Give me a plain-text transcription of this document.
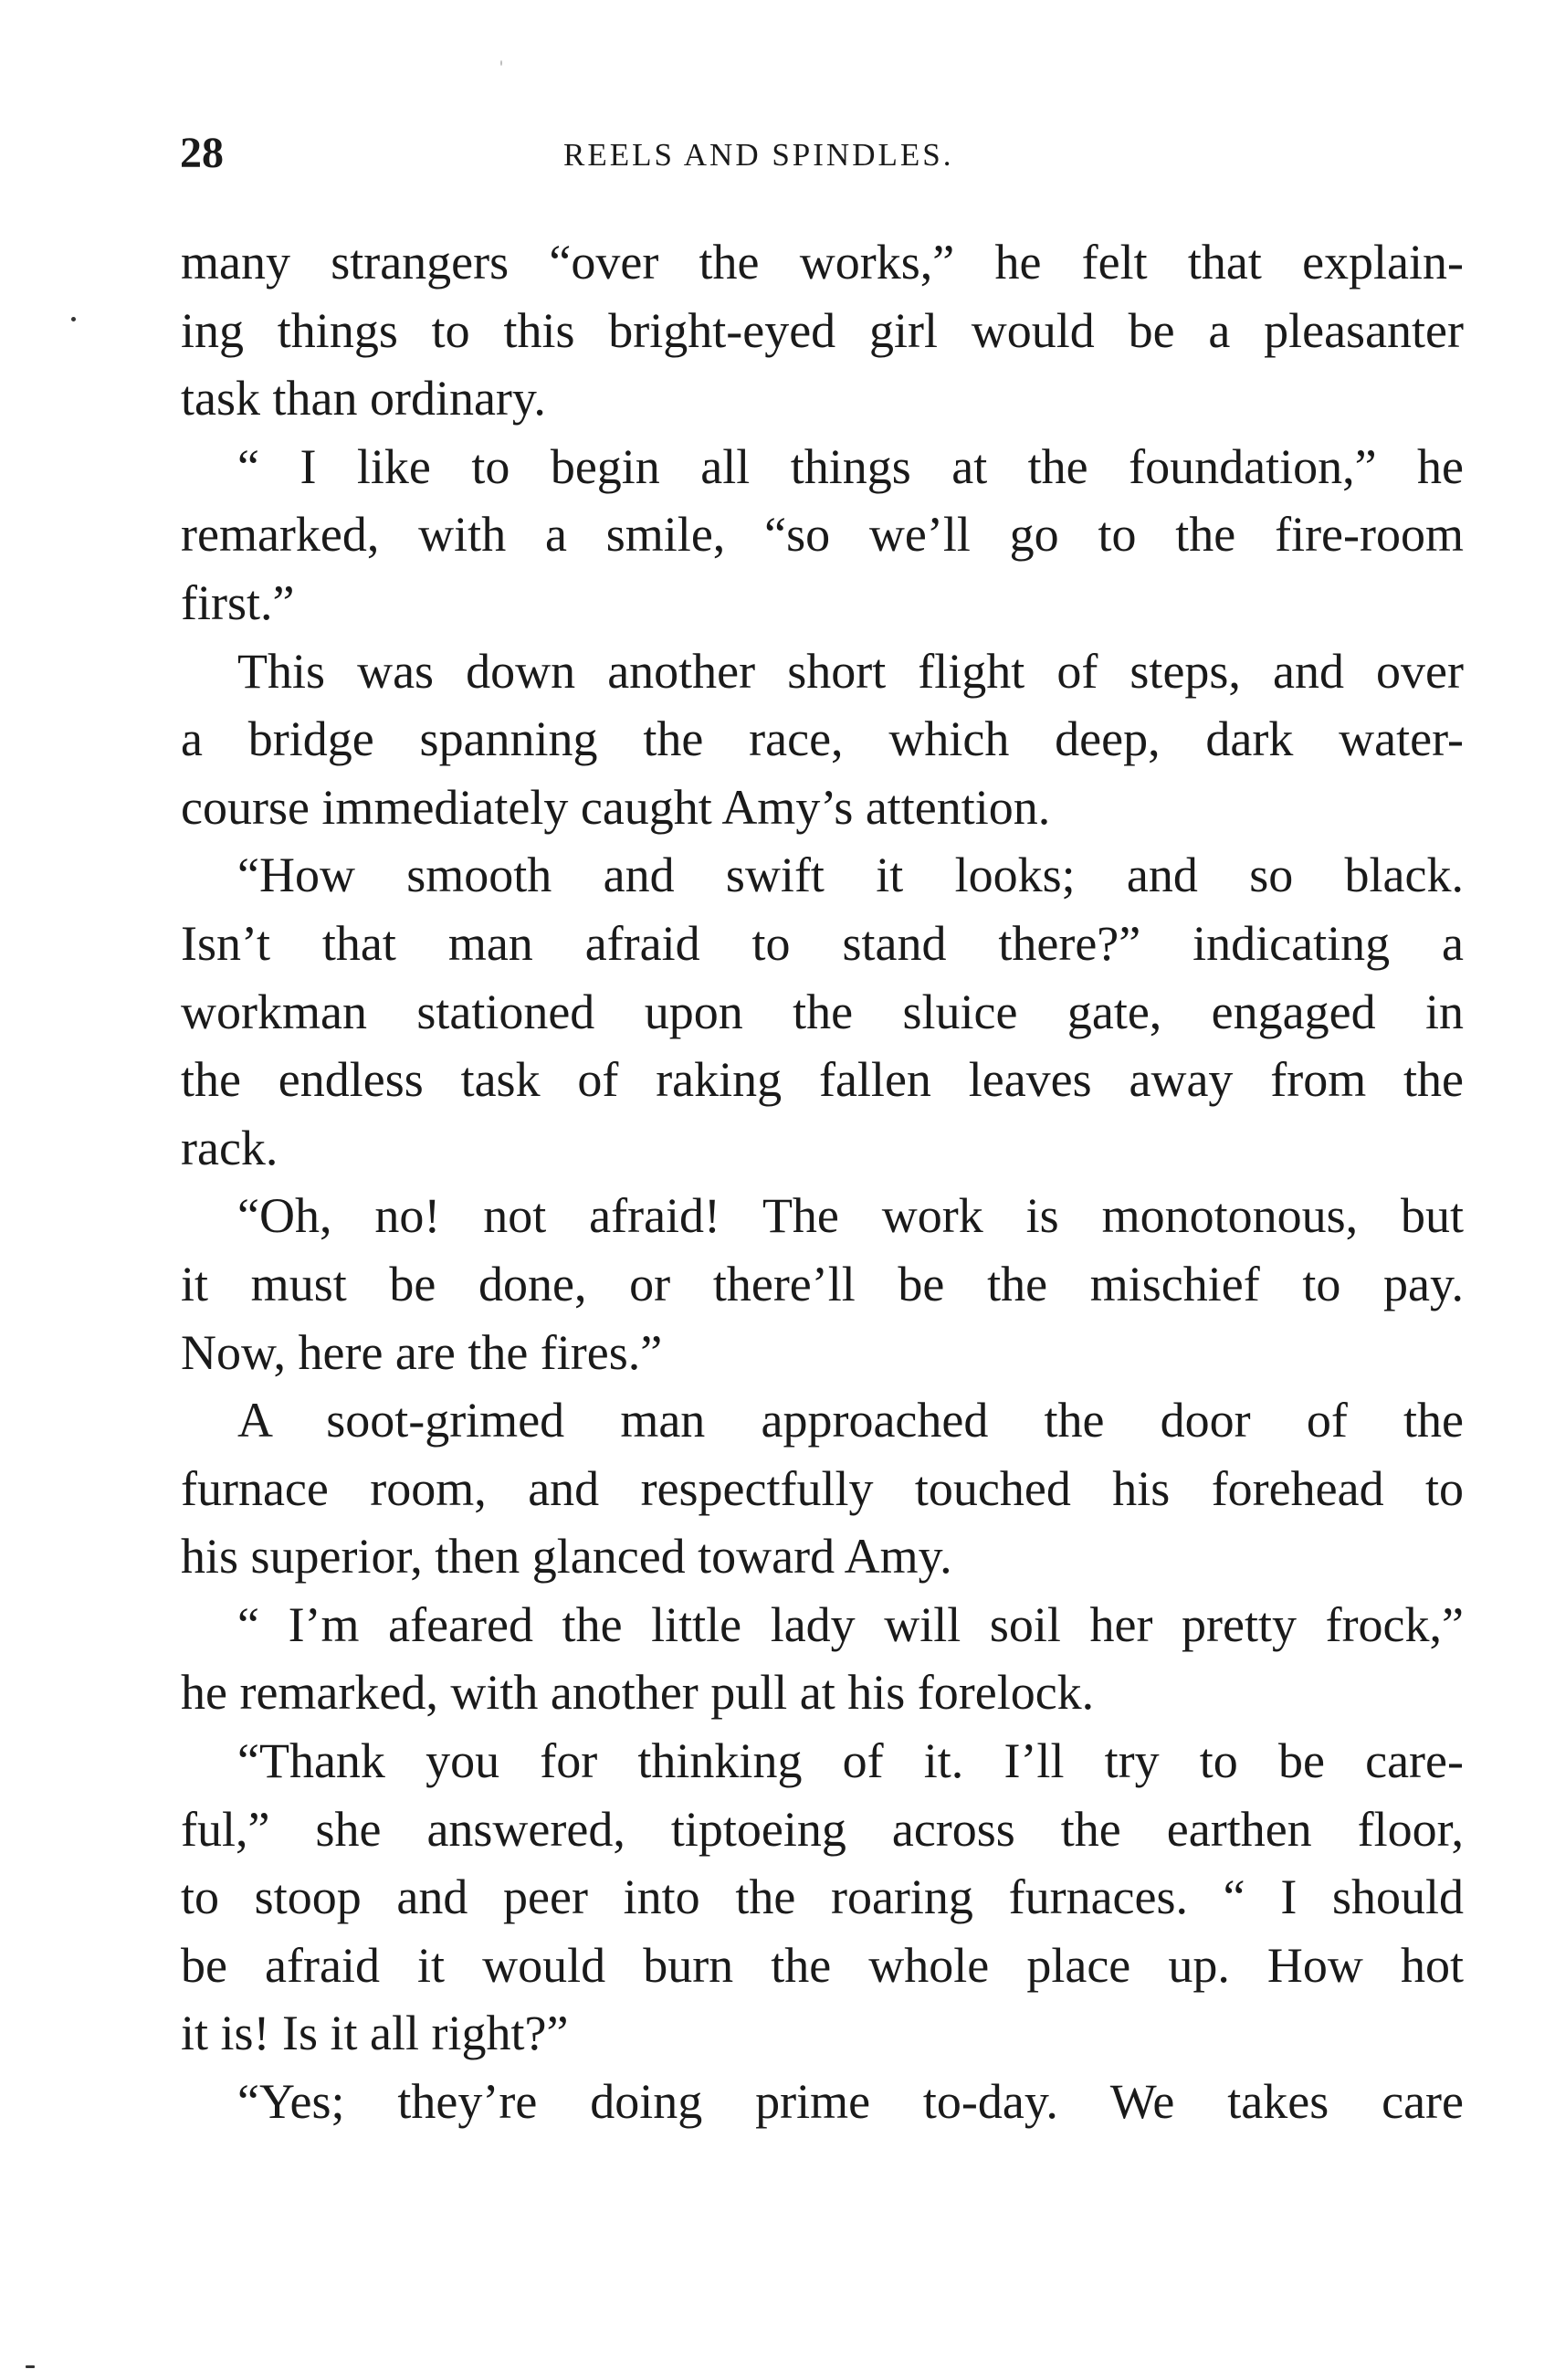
28	REELS AND SPINDLES.
many strangers “over the works,” he felt that explain-
ing things to this bright-eyed girl would be a pleasanter
task than ordinary.
“ I like to begin all things at the foundation,” he
remarked, with a smile, “so we’ll go to the fire-room
first.”
This was down another short flight of steps, and over
a bridge spanning the race, which deep, dark water-
course immediately caught Amy’s attention.
“How smooth and swift it looks; and so black.
Isn’t that man afraid to stand there?” indicating a
workman stationed upon the sluice gate, engaged in
the endless task of raking fallen leaves away from the
rack.
“Oh, no! not afraid! The work is monotonous, but
it must be done, or there’ll be the mischief to pay.
Now, here are the fires.”
A soot-grimed man approached the door of the
furnace room, and respectfully touched his forehead to
his superior, then glanced toward Amy.
“ I’m afeared the little lady will soil her pretty frock,”
he remarked, with another pull at his forelock.
“Thank you for thinking of it. I’ll try to be care-
ful,” she answered, tiptoeing across the earthen floor,
to stoop and peer into the roaring furnaces. “ I should
be afraid it would burn the whole place up. How hot
it is! Is it all right?”
“Yes; they’re doing prime to-day. We takes care
